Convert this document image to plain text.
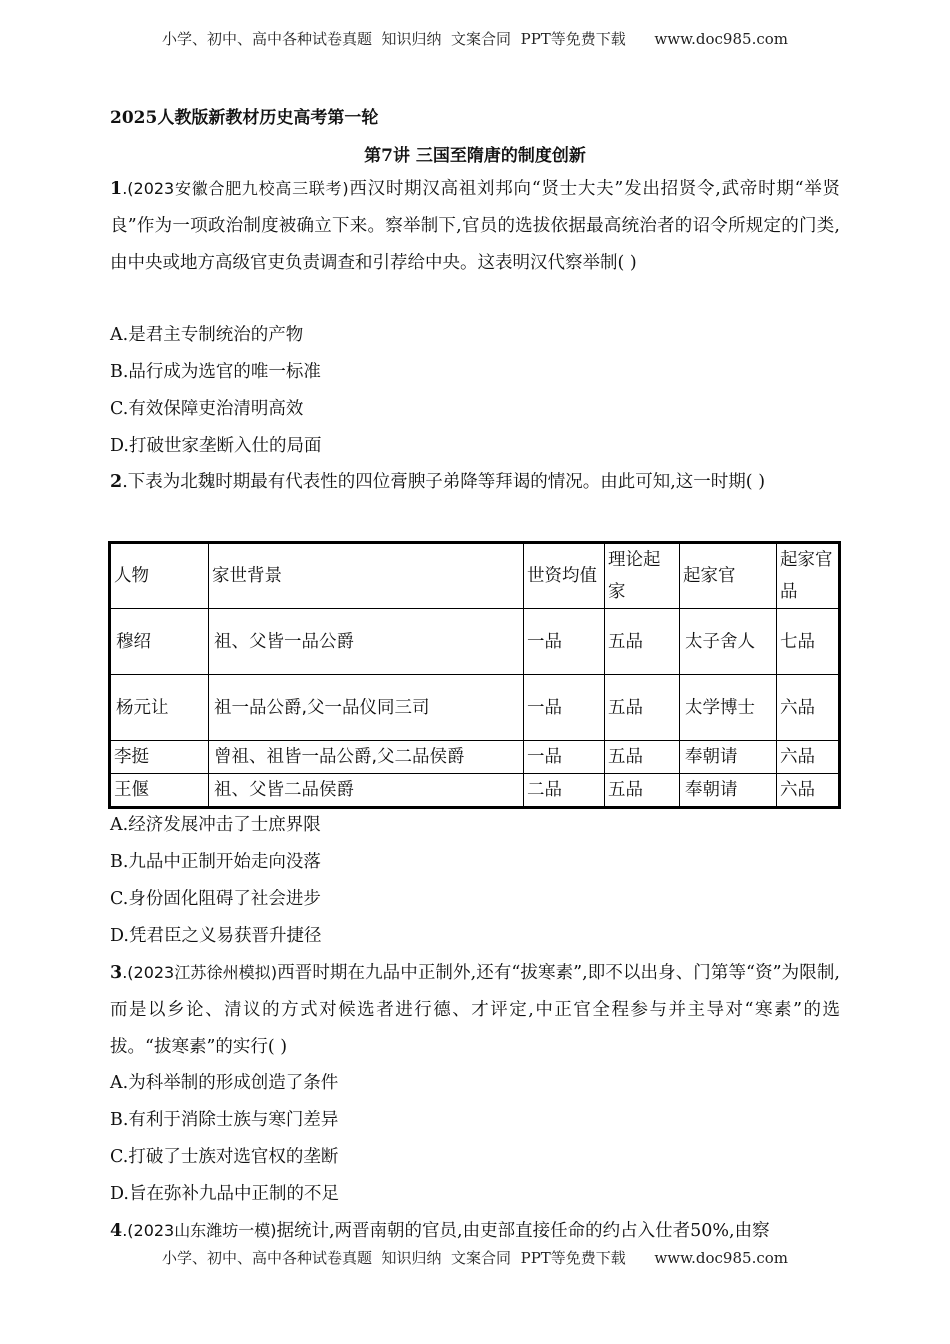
小学、初中、高中各种试卷真题  知识归纳  文案合同  PPT等免费下载      www.doc985.com
2025人教版新教材历史高考第一轮
第7讲 三国至隋唐的制度创新

1.(2023安徽合肥九校高三联考)西汉时期汉高祖刘邦向“贤士大夫”发出招贤令,武帝时期“举贤良”作为一项政治制度被确立下来。察举制下,官员的选拔依据最高统治者的诏令所规定的门类,由中央或地方高级官吏负责调查和引荐给中央。这表明汉代察举制( )

A.是君主专制统治的产物
B.品行成为选官的唯一标准
C.有效保障吏治清明高效
D.打破世家垄断入仕的局面

2.下表为北魏时期最有代表性的四位膏腴子弟降等拜谒的情况。由此可知,这一时期( )

人物	家世背景	世资均值	理论起家	起家官	起家官品
穆绍	祖、父皆一品公爵	一品	五品	太子舍人	七品
杨元让	祖一品公爵,父一品仪同三司	一品	五品	太学博士	六品
李挺	曾祖、祖皆一品公爵,父二品侯爵	一品	五品	奉朝请	六品
王偃	祖、父皆二品侯爵	二品	五品	奉朝请	六品
A.经济发展冲击了士庶界限
B.九品中正制开始走向没落
C.身份固化阻碍了社会进步
D.凭君臣之义易获晋升捷径

3.(2023江苏徐州模拟)西晋时期在九品中正制外,还有“拔寒素”,即不以出身、门第等“资”为限制,而是以乡论、清议的方式对候选者进行德、才评定,中正官全程参与并主导对“寒素”的选拔。“拔寒素”的实行( )

A.为科举制的形成创造了条件
B.有利于消除士族与寒门差异
C.打破了士族对选官权的垄断
D.旨在弥补九品中正制的不足

4.(2023山东潍坊一模)据统计,两晋南朝的官员,由吏部直接任命的约占入仕者50%,由察

小学、初中、高中各种试卷真题  知识归纳  文案合同  PPT等免费下载      www.doc985.com
